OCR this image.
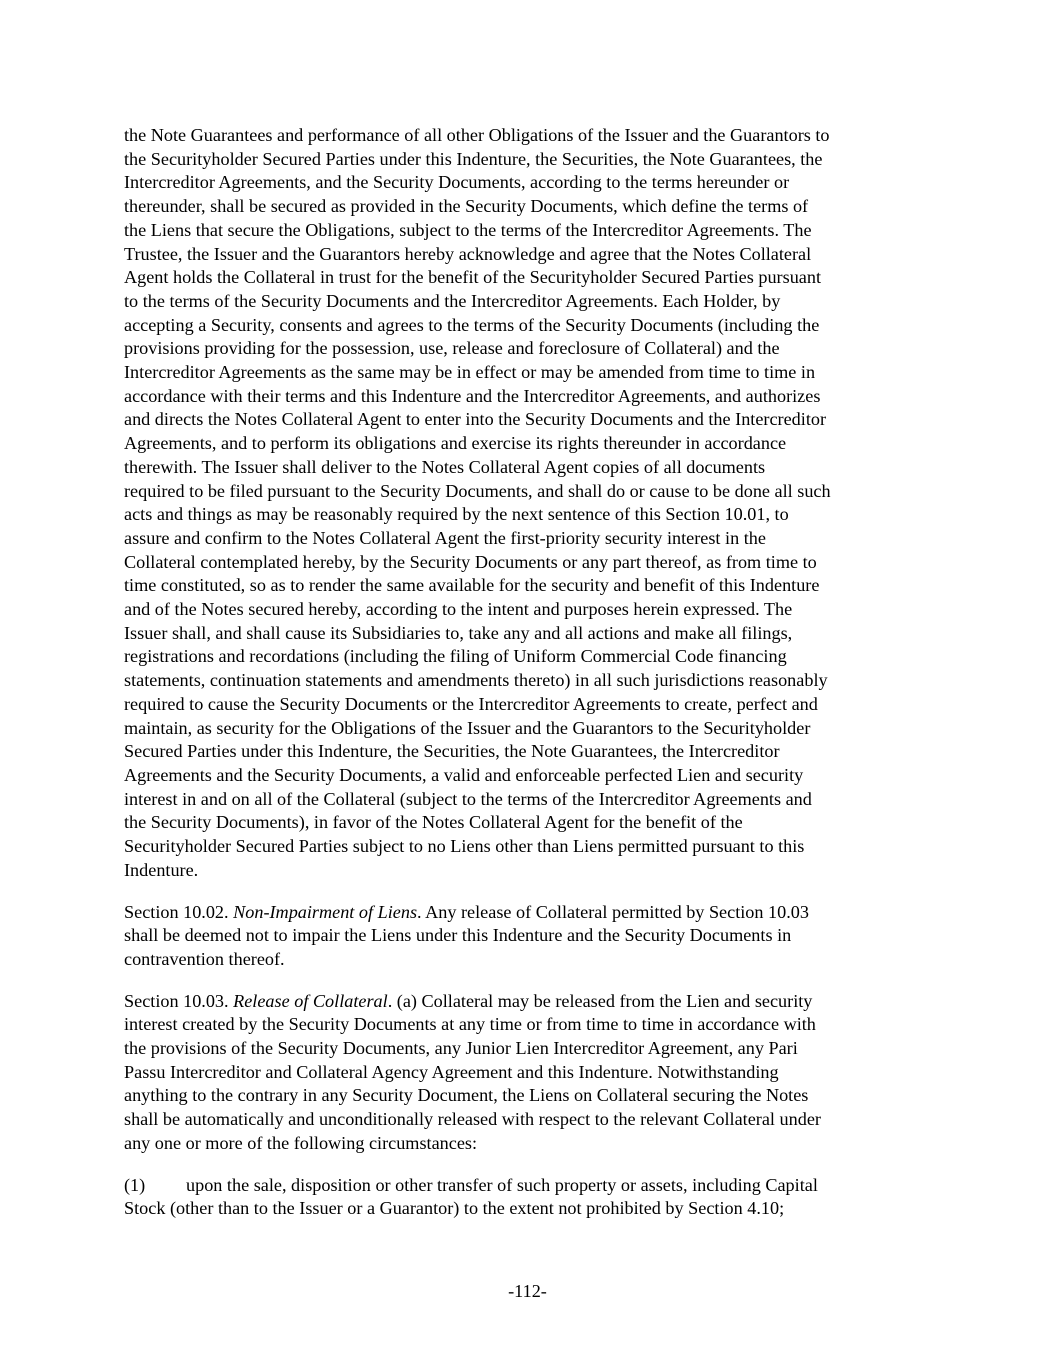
the Note Guarantees and performance of all other Obligations of the Issuer and the Guarantors to
the Securityholder Secured Parties under this Indenture, the Securities, the Note Guarantees, the
Intercreditor Agreements, and the Security Documents, according to the terms hereunder or
thereunder, shall be secured as provided in the Security Documents, which define the terms of
the Liens that secure the Obligations, subject to the terms of the Intercreditor Agreements. The
Trustee, the Issuer and the Guarantors hereby acknowledge and agree that the Notes Collateral
Agent holds the Collateral in trust for the benefit of the Securityholder Secured Parties pursuant
to the terms of the Security Documents and the Intercreditor Agreements. Each Holder, by
accepting a Security, consents and agrees to the terms of the Security Documents (including the
provisions providing for the possession, use, release and foreclosure of Collateral) and the
Intercreditor Agreements as the same may be in effect or may be amended from time to time in
accordance with their terms and this Indenture and the Intercreditor Agreements, and authorizes
and directs the Notes Collateral Agent to enter into the Security Documents and the Intercreditor
Agreements, and to perform its obligations and exercise its rights thereunder in accordance
therewith. The Issuer shall deliver to the Notes Collateral Agent copies of all documents
required to be filed pursuant to the Security Documents, and shall do or cause to be done all such
acts and things as may be reasonably required by the next sentence of this Section 10.01, to
assure and confirm to the Notes Collateral Agent the first-priority security interest in the
Collateral contemplated hereby, by the Security Documents or any part thereof, as from time to
time constituted, so as to render the same available for the security and benefit of this Indenture
and of the Notes secured hereby, according to the intent and purposes herein expressed. The
Issuer shall, and shall cause its Subsidiaries to, take any and all actions and make all filings,
registrations and recordations (including the filing of Uniform Commercial Code financing
statements, continuation statements and amendments thereto) in all such jurisdictions reasonably
required to cause the Security Documents or the Intercreditor Agreements to create, perfect and
maintain, as security for the Obligations of the Issuer and the Guarantors to the Securityholder
Secured Parties under this Indenture, the Securities, the Note Guarantees, the Intercreditor
Agreements and the Security Documents, a valid and enforceable perfected Lien and security
interest in and on all of the Collateral (subject to the terms of the Intercreditor Agreements and
the Security Documents), in favor of the Notes Collateral Agent for the benefit of the
Securityholder Secured Parties subject to no Liens other than Liens permitted pursuant to this
Indenture.
Section 10.02. Non-Impairment of Liens. Any release of Collateral permitted by Section 10.03
shall be deemed not to impair the Liens under this Indenture and the Security Documents in
contravention thereof.
Section 10.03. Release of Collateral. (a) Collateral may be released from the Lien and security
interest created by the Security Documents at any time or from time to time in accordance with
the provisions of the Security Documents, any Junior Lien Intercreditor Agreement, any Pari
Passu Intercreditor and Collateral Agency Agreement and this Indenture. Notwithstanding
anything to the contrary in any Security Document, the Liens on Collateral securing the Notes
shall be automatically and unconditionally released with respect to the relevant Collateral under
any one or more of the following circumstances:
(1) upon the sale, disposition or other transfer of such property or assets, including Capital
Stock (other than to the Issuer or a Guarantor) to the extent not prohibited by Section 4.10;
-112-
